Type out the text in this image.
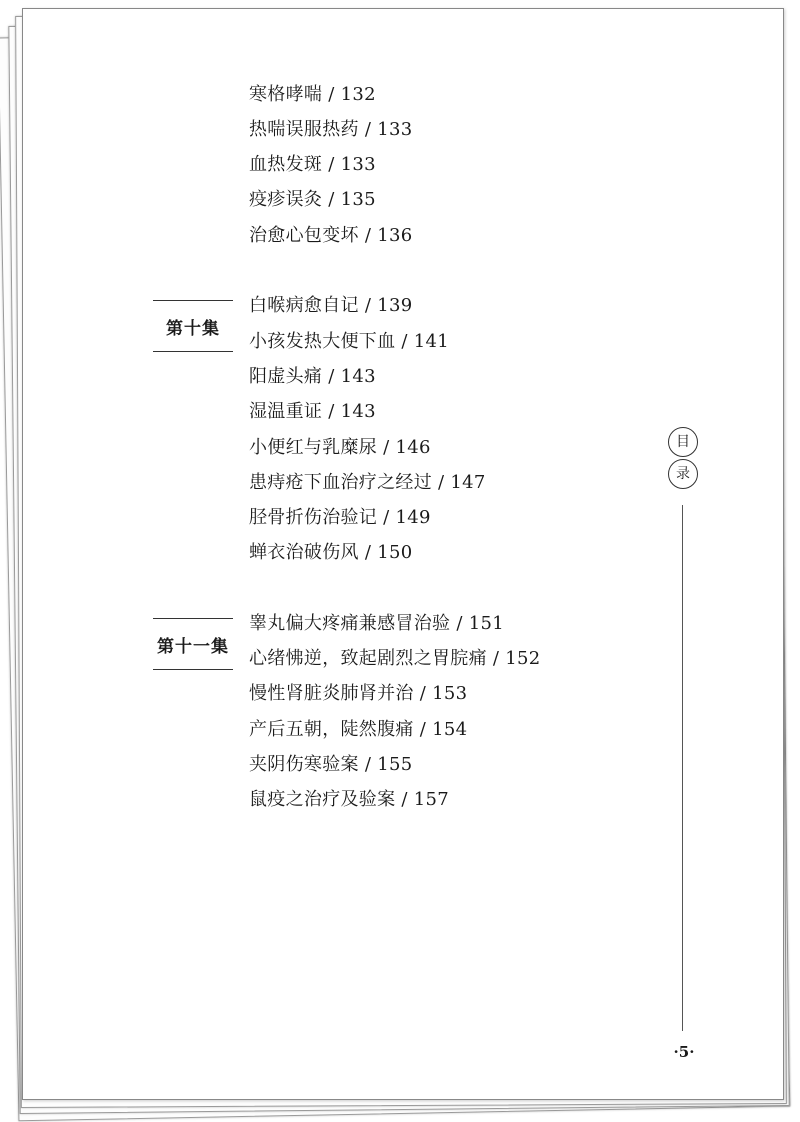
寒格哮喘 / 132
热喘误服热药 / 133
血热发斑 / 133
疫疹误灸 / 135
治愈心包变坏 / 136
第十集
白喉病愈自记 / 139
小孩发热大便下血 / 141
阳虚头痛 / 143
湿温重证 / 143
小便红与乳糜尿 / 146
患痔疮下血治疗之经过 / 147
胫骨折伤治验记 / 149
蝉衣治破伤风 / 150
第十一集
睾丸偏大疼痛兼感冒治验 / 151
心绪怫逆，致起剧烈之胃脘痛 / 152
慢性肾脏炎肺肾并治 / 153
产后五朝，陡然腹痛 / 154
夹阴伤寒验案 / 155
鼠疫之治疗及验案 / 157
目
录
·5·
